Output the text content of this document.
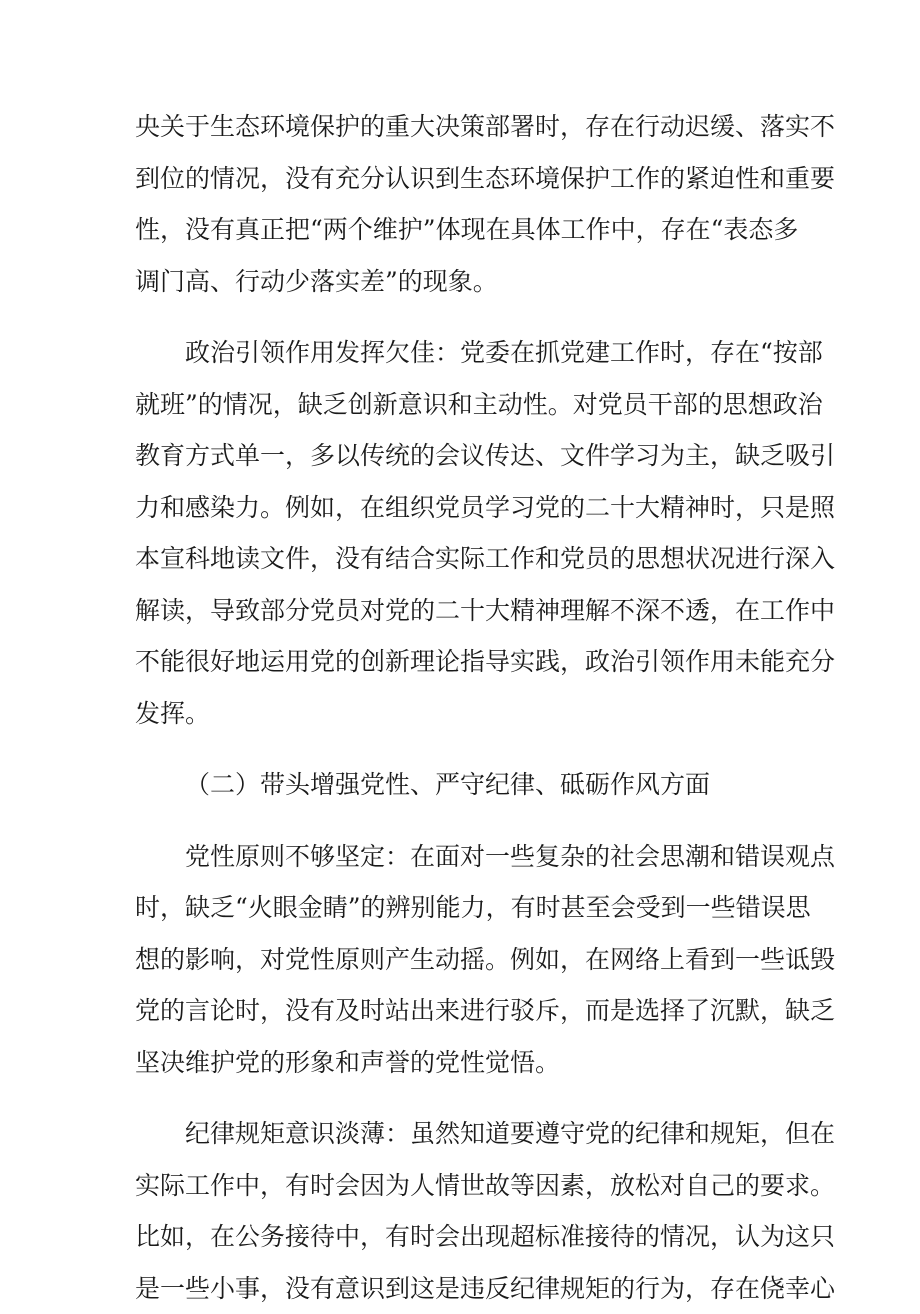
央关于生态环境保护的重大决策部署时，存在行动迟缓、落实不
到位的情况，没有充分认识到生态环境保护工作的紧迫性和重要
性，没有真正把“两个维护”体现在具体工作中，存在“表态多
调门高、行动少落实差”的现象。
政治引领作用发挥欠佳：党委在抓党建工作时，存在“按部
就班”的情况，缺乏创新意识和主动性。对党员干部的思想政治
教育方式单一，多以传统的会议传达、文件学习为主，缺乏吸引
力和感染力。例如，在组织党员学习党的二十大精神时，只是照
本宣科地读文件，没有结合实际工作和党员的思想状况进行深入
解读，导致部分党员对党的二十大精神理解不深不透，在工作中
不能很好地运用党的创新理论指导实践，政治引领作用未能充分
发挥。
（二）带头增强党性、严守纪律、砥砺作风方面
党性原则不够坚定：在面对一些复杂的社会思潮和错误观点
时，缺乏“火眼金睛”的辨别能力，有时甚至会受到一些错误思
想的影响，对党性原则产生动摇。例如，在网络上看到一些诋毁
党的言论时，没有及时站出来进行驳斥，而是选择了沉默，缺乏
坚决维护党的形象和声誉的党性觉悟。
纪律规矩意识淡薄：虽然知道要遵守党的纪律和规矩，但在
实际工作中，有时会因为人情世故等因素，放松对自己的要求。
比如，在公务接待中，有时会出现超标准接待的情况，认为这只
是一些小事，没有意识到这是违反纪律规矩的行为，存在侥幸心
